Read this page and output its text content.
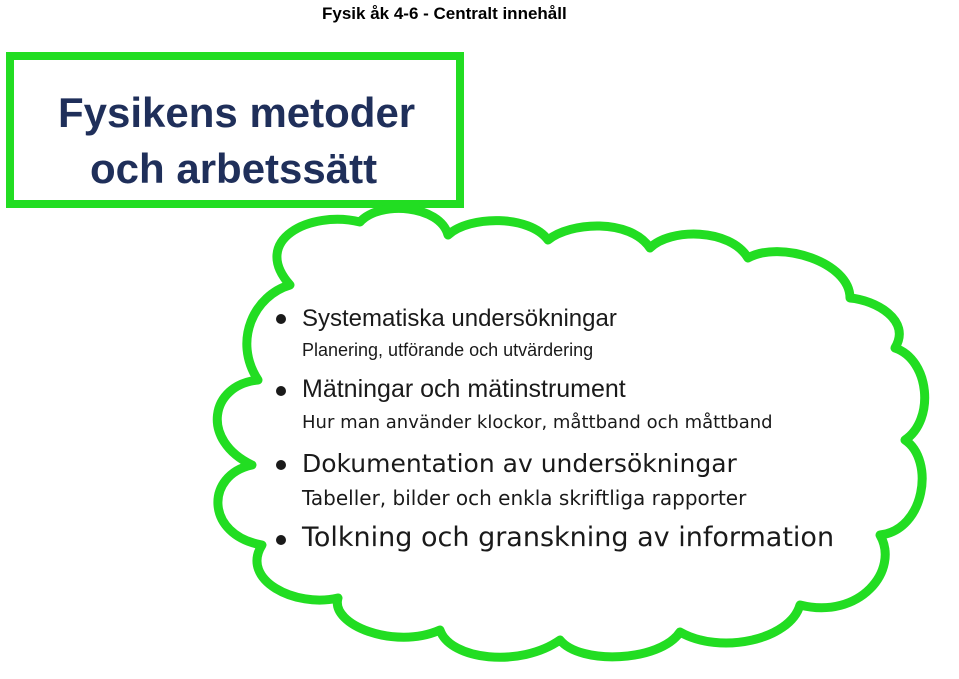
Fysik åk 4-6 - Centralt innehåll
Fysikens metoder
och arbetssätt
Systematiska undersökningar
Planering, utförande och utvärdering
Mätningar och mätinstrument
Hur man använder klockor, måttband och måttband
Dokumentation av undersökningar
Tabeller, bilder och enkla skriftliga rapporter
Tolkning och granskning av information
